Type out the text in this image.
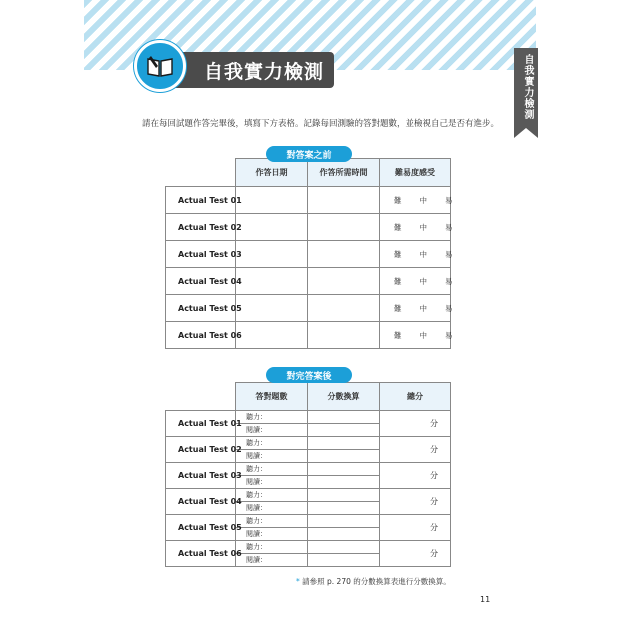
自我實力檢測	自我實力檢測
請在每回試題作答完畢後，填寫下方表格。記錄每回測驗的答對題數，並檢視自己是否有進步。
對答案之前
	作答日期	作答所需時間	難易度感受
Actual Test 01			難 中 易

Actual Test 02			難 中 易

Actual Test 03			難 中 易

Actual Test 04			難 中 易

Actual Test 05			難 中 易

Actual Test 06			難 中 易
對完答案後
	答對題數	分數換算	總分
Actual Test 01	聽力：		分
	閱讀：		
Actual Test 02	聽力：		分
	閱讀：		
Actual Test 03	聽力：		分
	閱讀：		
Actual Test 04	聽力：		分
	閱讀：		
Actual Test 05	聽力：		分
	閱讀：		
Actual Test 06	聽力：		分
	閱讀：		
* 請參照 p. 270 的分數換算表進行分數換算。
11
